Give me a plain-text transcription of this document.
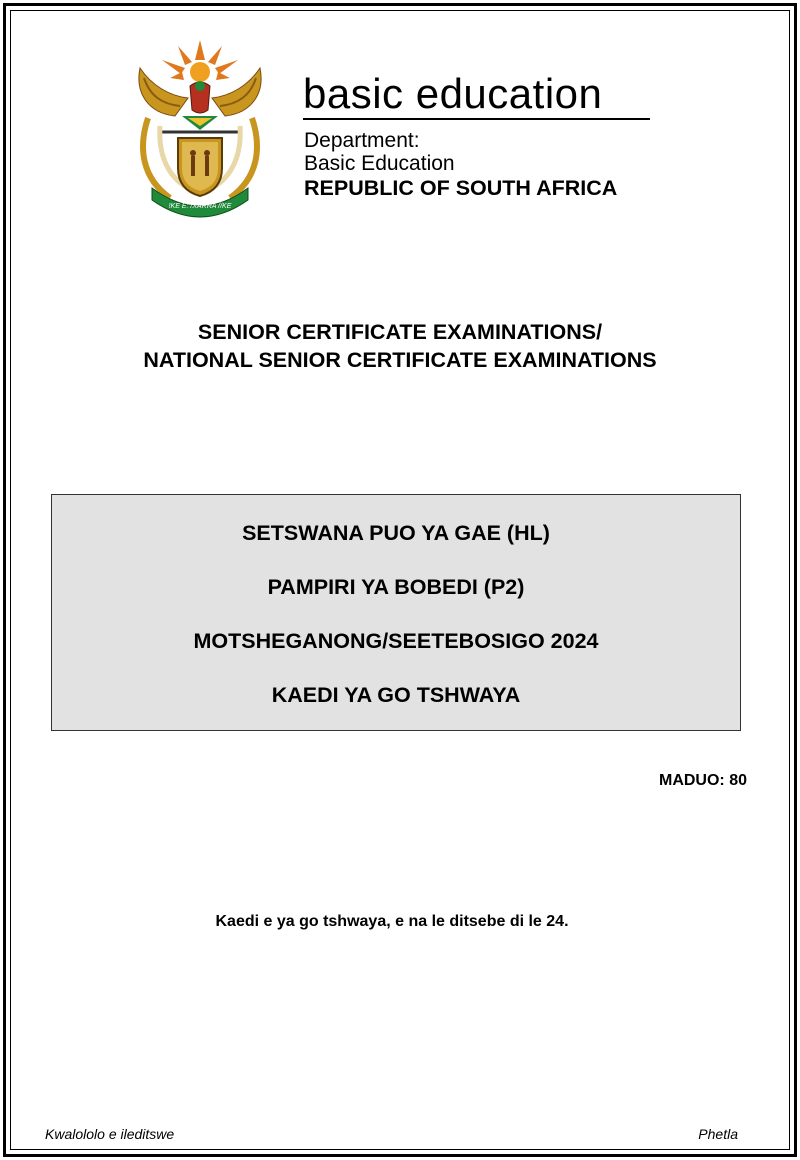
!KE E: /XARRA //KE
basic education
Department:
Basic Education
REPUBLIC OF SOUTH AFRICA
SENIOR CERTIFICATE EXAMINATIONS/
NATIONAL SENIOR CERTIFICATE EXAMINATIONS
SETSWANA PUO YA GAE (HL)
PAMPIRI YA BOBEDI (P2)
MOTSHEGANONG/SEETEBOSIGO 2024
KAEDI YA GO TSHWAYA
MADUO: 80
Kaedi e ya go tshwaya, e na le ditsebe di le 24.
Kwalololo e ileditswe	Phetla
